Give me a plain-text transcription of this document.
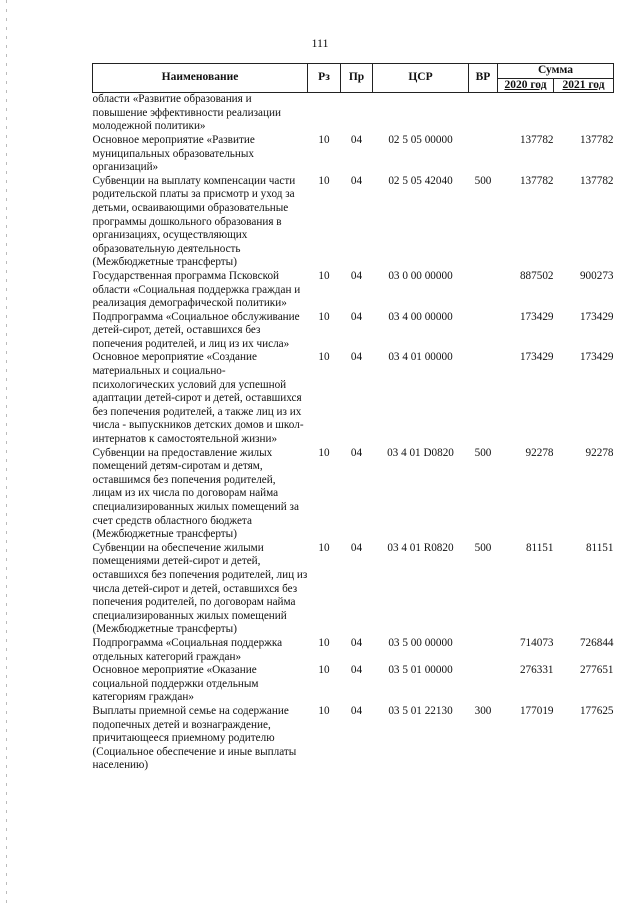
111
Наименование	Рз	Пр	ЦСР	ВР	Сумма	
					2020 год	2021 год
области «Развитие образования и повышение эффективности реализации молодежной политики»						
Основное мероприятие «Развитие муниципальных образовательных организаций»	10	04	02 5 05 00000		137782	137782
Субвенции на выплату компенсации части родительской платы за присмотр и уход за детьми, осваивающими образовательные программы дошкольного образования в организациях, осуществляющих образовательную деятельность (Межбюджетные трансферты)	10	04	02 5 05 42040	500	137782	137782
Государственная программа Псковской области «Социальная поддержка граждан и реализация демографической политики»	10	04	03 0 00 00000		887502	900273
Подпрограмма «Социальное обслуживание детей-сирот, детей, оставшихся без попечения родителей, и лиц из их числа»	10	04	03 4 00 00000		173429	173429
Основное мероприятие «Создание материальных и социально-психологических условий для успешной адаптации детей-сирот и детей, оставшихся без попечения родителей, а также лиц из их числа - выпускников детских домов и школ-интернатов к самостоятельной жизни»	10	04	03 4 01 00000		173429	173429
Субвенции на предоставление жилых помещений детям-сиротам и детям, оставшимся без попечения родителей, лицам из их числа по договорам найма специализированных жилых помещений за счет средств областного бюджета (Межбюджетные трансферты)	10	04	03 4 01 D0820	500	92278	92278
Субвенции на обеспечение жилыми помещениями детей-сирот и детей, оставшихся без попечения родителей, лиц из числа детей-сирот и детей, оставшихся без попечения родителей, по договорам найма специализированных жилых помещений (Межбюджетные трансферты)	10	04	03 4 01 R0820	500	81151	81151
Подпрограмма «Социальная поддержка отдельных категорий граждан»	10	04	03 5 00 00000		714073	726844
Основное мероприятие «Оказание социальной поддержки отдельным категориям граждан»	10	04	03 5 01 00000		276331	277651
Выплаты приемной семье на содержание подопечных детей и вознаграждение, причитающееся приемному родителю (Социальное обеспечение и иные выплаты населению)	10	04	03 5 01 22130	300	177019	177625
